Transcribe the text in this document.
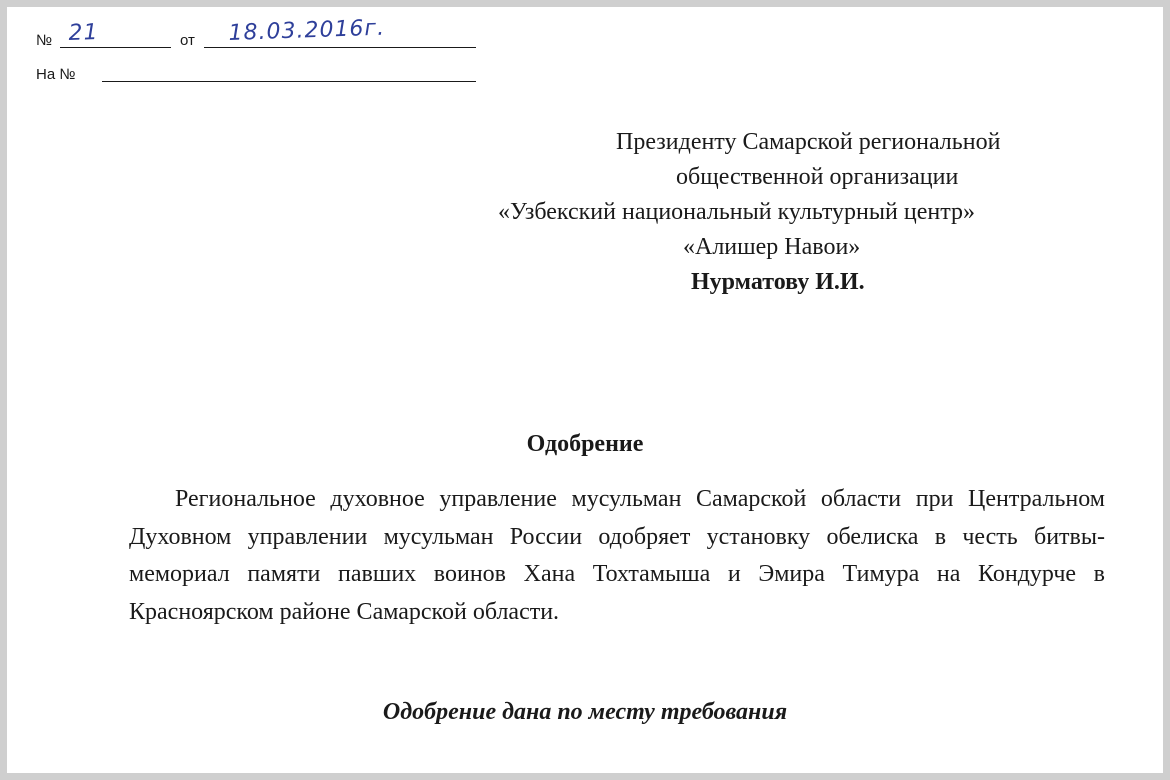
№ 21	от 18.03.2016г.
На №
Президенту Самарской региональной
общественной организации
«Узбекский национальный культурный центр»
«Алишер Навои»
Нурматову И.И.
Одобрение
Региональное духовное управление мусульман Самарской области при Центральном Духовном управлении мусульман России одобряет установку обелиска в честь битвы- мемориал памяти павших воинов Хана Тохтамыша и Эмира Тимура на Кондурче в Красноярском районе Самарской области.
Одобрение дана по месту требования
